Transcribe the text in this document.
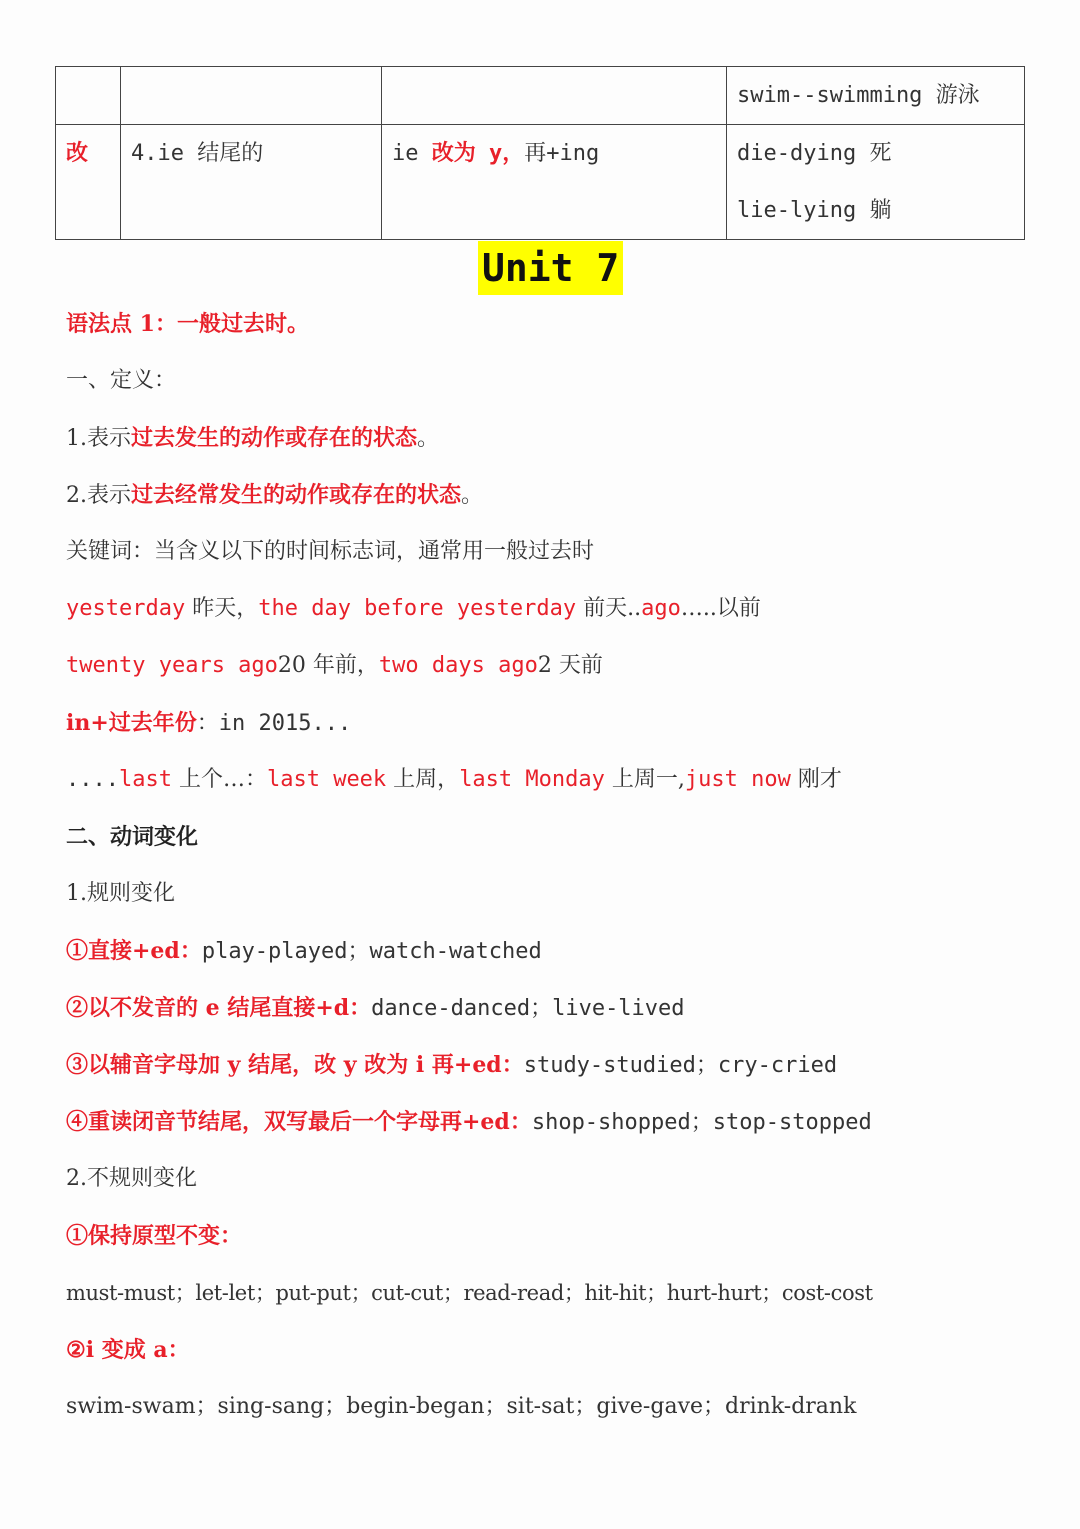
			swim--swimming 游泳

改	4.ie 结尾的	ie 改为 y，再+ing	die-dying 死
lie-lying 躺
Unit 7
语法点 1：一般过去时。
一、定义：
1.表示过去发生的动作或存在的状态。
2.表示过去经常发生的动作或存在的状态。
关键词：当含义以下的时间标志词，通常用一般过去时
yesterday 昨天，the day before yesterday 前天..ago…..以前
twenty years ago20 年前，two days ago2 天前
in+过去年份：in 2015...
....last 上个…：last week 上周，last Monday 上周一,just now 刚才
二、动词变化
1.规则变化
①直接+ed：play-played；watch-watched
②以不发音的 e 结尾直接+d：dance-danced；live-lived
③以辅音字母加 y 结尾，改 y 改为 i 再+ed：study-studied；cry-cried
④重读闭音节结尾，双写最后一个字母再+ed：shop-shopped；stop-stopped
2.不规则变化
①保持原型不变：
must-must；let-let；put-put；cut-cut；read-read；hit-hit；hurt-hurt；cost-cost
②i 变成 a：
swim-swam；sing-sang；begin-began；sit-sat；give-gave；drink-drank
